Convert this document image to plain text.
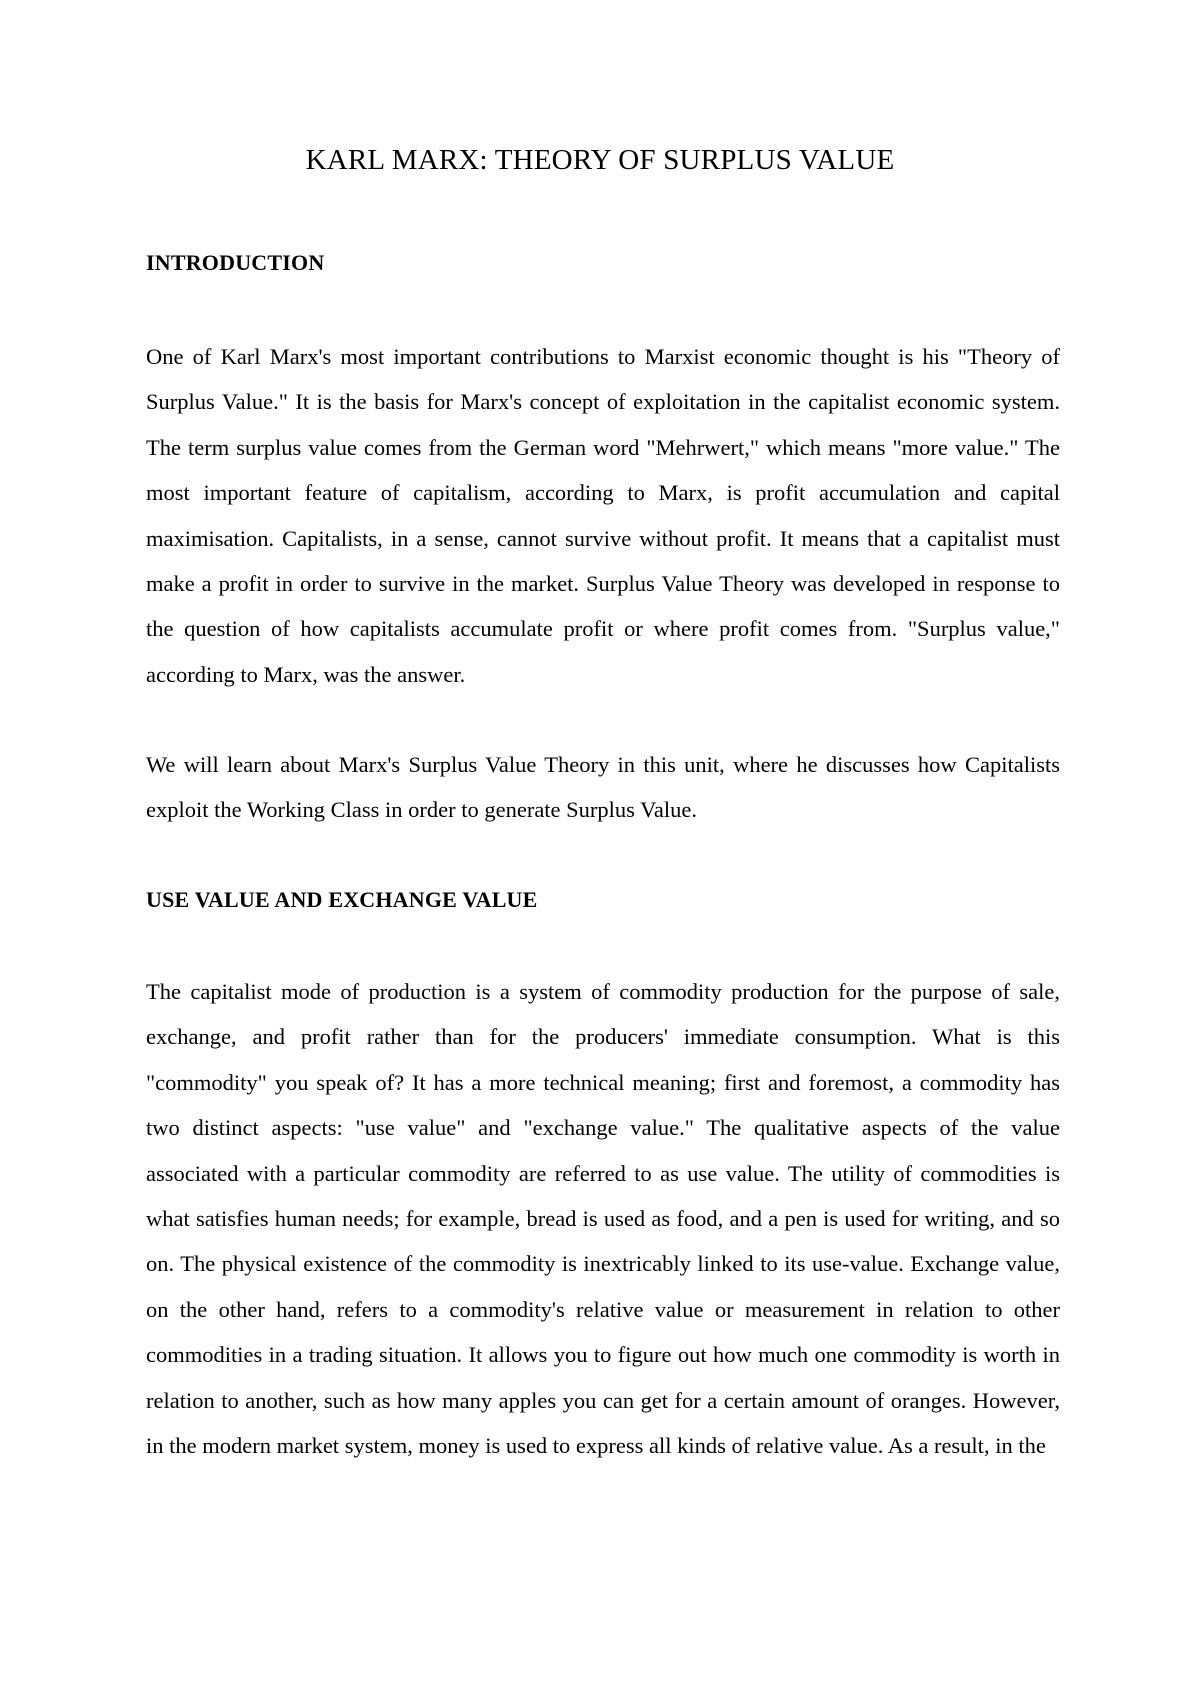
KARL MARX: THEORY OF SURPLUS VALUE
INTRODUCTION

One of Karl Marx's most important contributions to Marxist economic thought is his "Theory of Surplus Value." It is the basis for Marx's concept of exploitation in the capitalist economic system. The term surplus value comes from the German word "Mehrwert," which means "more value." The most important feature of capitalism, according to Marx, is profit accumulation and capital maximisation. Capitalists, in a sense, cannot survive without profit. It means that a capitalist must make a profit in order to survive in the market. Surplus Value Theory was developed in response to the question of how capitalists accumulate profit or where profit comes from. "Surplus value," according to Marx, was the answer.

We will learn about Marx's Surplus Value Theory in this unit, where he discusses how Capitalists exploit the Working Class in order to generate Surplus Value.

USE VALUE AND EXCHANGE VALUE

The capitalist mode of production is a system of commodity production for the purpose of sale, exchange, and profit rather than for the producers' immediate consumption. What is this "commodity" you speak of? It has a more technical meaning; first and foremost, a commodity has two distinct aspects: "use value" and "exchange value." The qualitative aspects of the value associated with a particular commodity are referred to as use value. The utility of commodities is what satisfies human needs; for example, bread is used as food, and a pen is used for writing, and so on. The physical existence of the commodity is inextricably linked to its use-value. Exchange value, on the other hand, refers to a commodity's relative value or measurement in relation to other commodities in a trading situation. It allows you to figure out how much one commodity is worth in relation to another, such as how many apples you can get for a certain amount of oranges. However, in the modern market system, money is used to express all kinds of relative value. As a result, in the
